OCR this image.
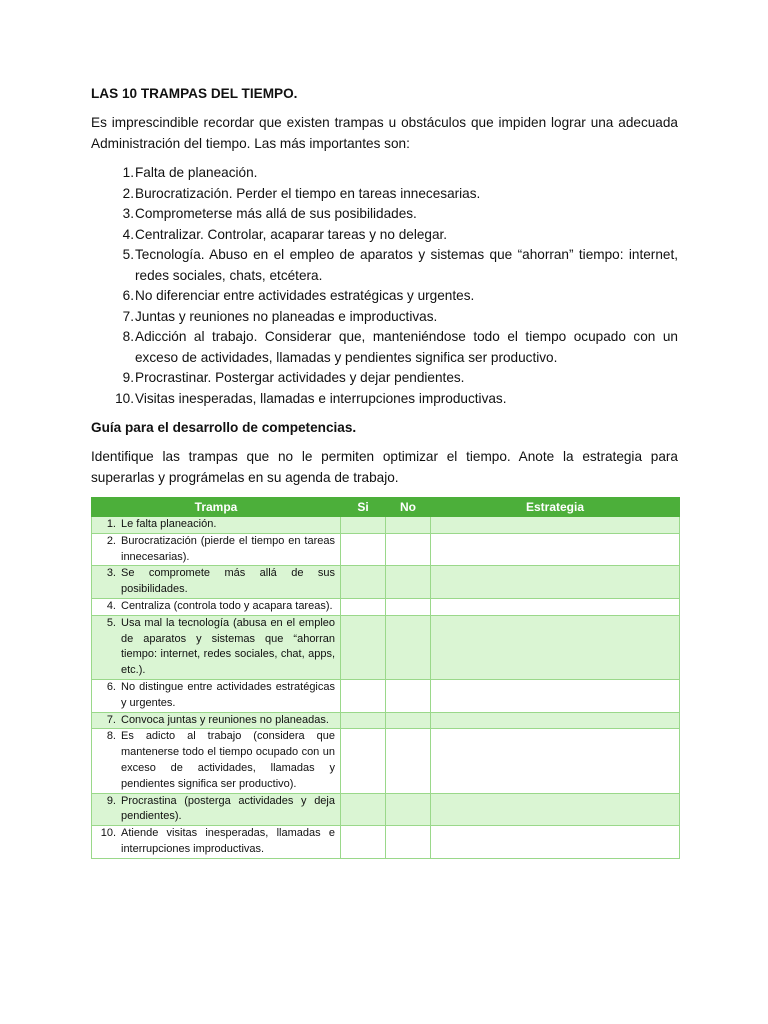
LAS 10 TRAMPAS DEL TIEMPO.

Es imprescindible recordar que existen trampas u obstáculos que impiden lograr una adecuada Administración del tiempo. Las más importantes son:

1. Falta de planeación.
2. Burocratización. Perder el tiempo en tareas innecesarias.
3. Comprometerse más allá de sus posibilidades.
4. Centralizar. Controlar, acaparar tareas y no delegar.
5. Tecnología. Abuso en el empleo de aparatos y sistemas que “ahorran” tiempo: internet, redes sociales, chats, etcétera.
6. No diferenciar entre actividades estratégicas y urgentes.
7. Juntas y reuniones no planeadas e improductivas.
8. Adicción al trabajo. Considerar que, manteniéndose todo el tiempo ocupado con un exceso de actividades, llamadas y pendientes significa ser productivo.
9. Procrastinar. Postergar actividades y dejar pendientes.
10. Visitas inesperadas, llamadas e interrupciones improductivas.
Guía para el desarrollo de competencias.

Identifique las trampas que no le permiten optimizar el tiempo. Anote la estrategia para superarlas y prográmelas en su agenda de trabajo.

Trampa	Si	No	Estrategia

1. Le falta planeación.			

2. Burocratización (pierde el tiempo en tareas innecesarias).			

3. Se compromete más allá de sus posibilidades.			

4. Centraliza (controla todo y acapara tareas).			

5. Usa mal la tecnología (abusa en el empleo de aparatos y sistemas que “ahorran tiempo: internet, redes sociales, chat, apps, etc.).			

6. No distingue entre actividades estratégicas y urgentes.			

7. Convoca juntas y reuniones no planeadas.			

8. Es adicto al trabajo (considera que mantenerse todo el tiempo ocupado con un exceso de actividades, llamadas y pendientes significa ser productivo).			

9. Procrastina (posterga actividades y deja pendientes).			

10. Atiende visitas inesperadas, llamadas e interrupciones improductivas.			
